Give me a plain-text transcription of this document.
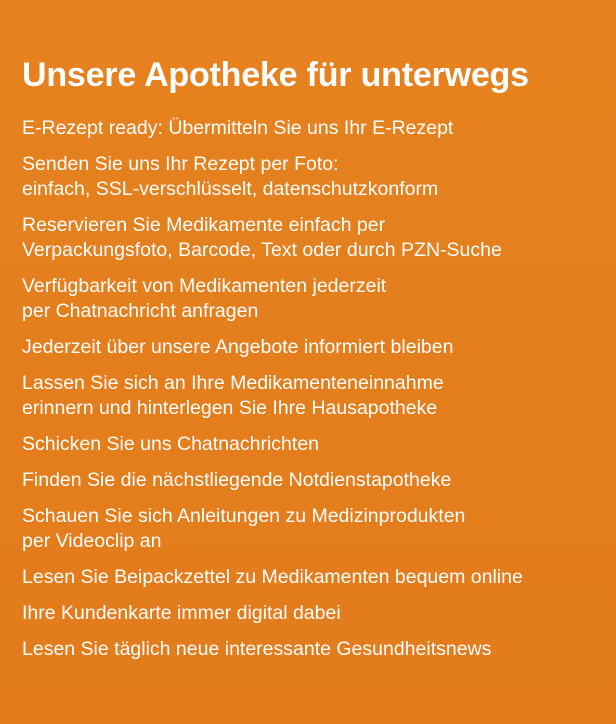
Unsere Apotheke für unterwegs
E-Rezept ready: Übermitteln Sie uns Ihr E-Rezept
Senden Sie uns Ihr Rezept per Foto:
einfach, SSL-verschlüsselt, datenschutzkonform
Reservieren Sie Medikamente einfach per
Verpackungsfoto, Barcode, Text oder durch PZN-Suche
Verfügbarkeit von Medikamenten jederzeit
per Chatnachricht anfragen
Jederzeit über unsere Angebote informiert bleiben
Lassen Sie sich an Ihre Medikamenteneinnahme
erinnern und hinterlegen Sie Ihre Hausapotheke
Schicken Sie uns Chatnachrichten
Finden Sie die nächstliegende Notdienstapotheke
Schauen Sie sich Anleitungen zu Medizinprodukten
per Videoclip an
Lesen Sie Beipackzettel zu Medikamenten bequem online
Ihre Kundenkarte immer digital dabei
Lesen Sie täglich neue interessante Gesundheitsnews
